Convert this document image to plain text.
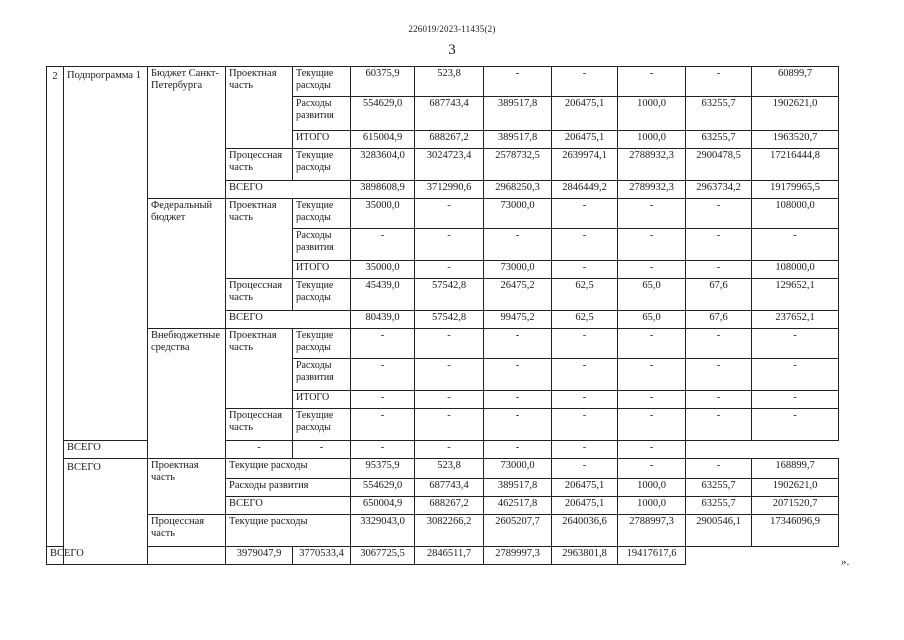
226019/2023-11435(2)
3
2	Подпрограмма 1	Бюджет Санкт-Петербурга	Проектная часть	Текущие расходы	60375,9	523,8	-	-	-	-	60899,7
				Расходы развития	554629,0	687743,4	389517,8	206475,1	1000,0	63255,7	1902621,0
				ИТОГО	615004,9	688267,2	389517,8	206475,1	1000,0	63255,7	1963520,7
			Процессная часть	Текущие расходы	3283604,0	3024723,4	2578732,5	2639974,1	2788932,3	2900478,5	17216444,8
			ВСЕГО		3898608,9	3712990,6	2968250,3	2846449,2	2789932,3	2963734,2	19179965,5
		Федеральный бюджет	Проектная часть	Текущие расходы	35000,0	-	73000,0	-	-	-	108000,0
				Расходы развития	-	-	-	-	-	-	-
				ИТОГО	35000,0	-	73000,0	-	-	-	108000,0
			Процессная часть	Текущие расходы	45439,0	57542,8	26475,2	62,5	65,0	67,6	129652,1
			ВСЕГО		80439,0	57542,8	99475,2	62,5	65,0	67,6	237652,1
		Внебюджетные средства	Проектная часть	Текущие расходы	-	-	-	-	-	-	-
				Расходы развития	-	-	-	-	-	-	-
				ИТОГО	-	-	-	-	-	-	-
			Процессная часть	Текущие расходы	-	-	-	-	-	-	-
	ВСЕГО		-	-	-	-	-	-	-		
	ВСЕГО	Проектная часть	Текущие расходы		95375,9	523,8	73000,0	-	-	-	168899,7
			Расходы развития		554629,0	687743,4	389517,8	206475,1	1000,0	63255,7	1902621,0
			ВСЕГО		650004,9	688267,2	462517,8	206475,1	1000,0	63255,7	2071520,7
		Процессная часть	Текущие расходы		3329043,0	3082266,2	2605207,7	2640036,6	2788997,3	2900546,1	17346096,9
ВСЕГО			3979047,9	3770533,4	3067725,5	2846511,7	2789997,3	2963801,8	19417617,6		
».
